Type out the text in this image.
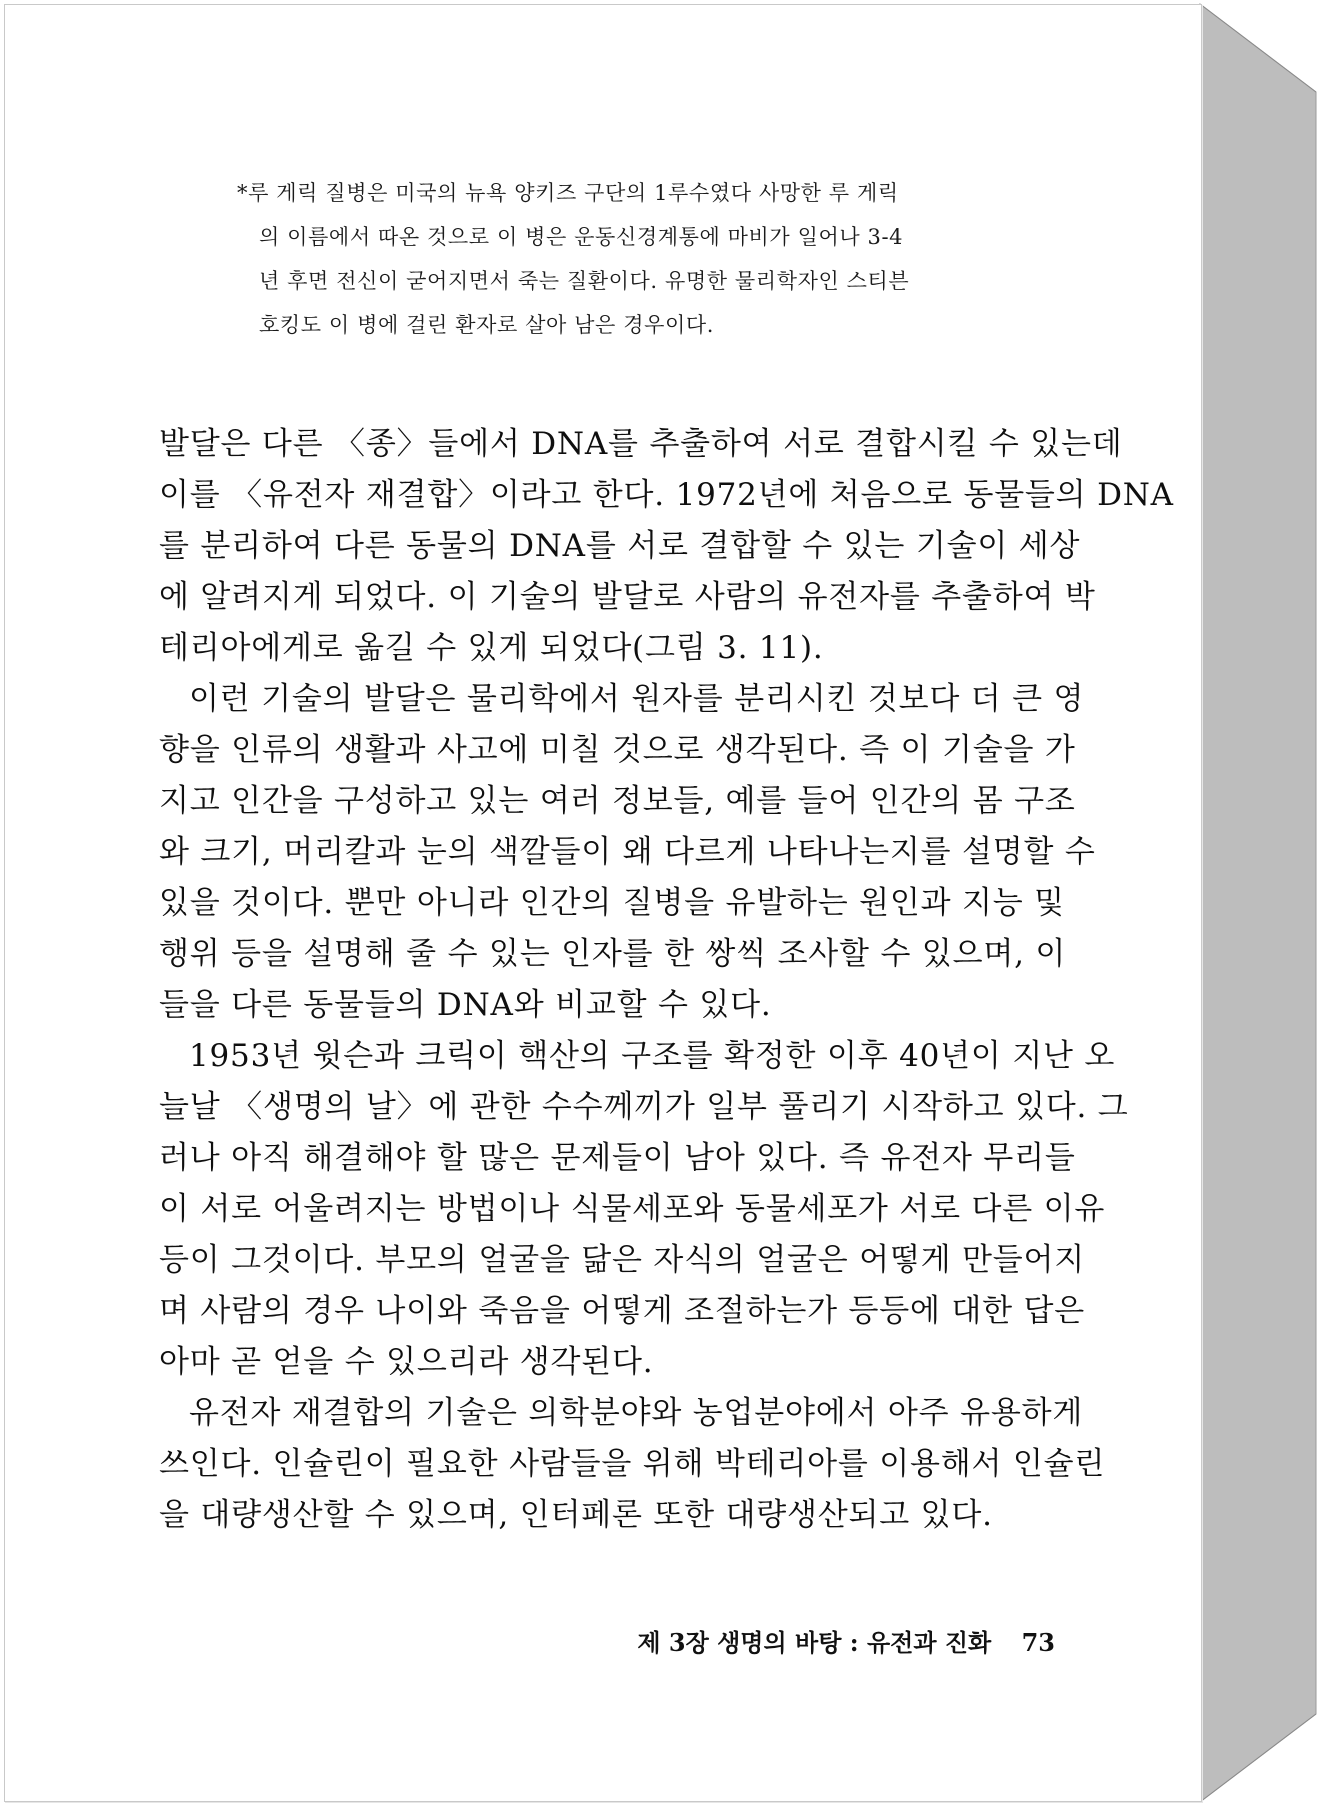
*루 게릭 질병은 미국의 뉴욕 양키즈 구단의 1루수였다 사망한 루 게릭
의 이름에서 따온 것으로 이 병은 운동신경계통에 마비가 일어나 3-4
년 후면 전신이 굳어지면서 죽는 질환이다. 유명한 물리학자인 스티븐
호킹도 이 병에 걸린 환자로 살아 남은 경우이다.
발달은 다른 〈종〉들에서 DNA를 추출하여 서로 결합시킬 수 있는데
이를 〈유전자 재결합〉이라고 한다. 1972년에 처음으로 동물들의 DNA
를 분리하여 다른 동물의 DNA를 서로 결합할 수 있는 기술이 세상
에 알려지게 되었다. 이 기술의 발달로 사람의 유전자를 추출하여 박
테리아에게로 옮길 수 있게 되었다(그림 3. 11).
이런 기술의 발달은 물리학에서 원자를 분리시킨 것보다 더 큰 영
향을 인류의 생활과 사고에 미칠 것으로 생각된다. 즉 이 기술을 가
지고 인간을 구성하고 있는 여러 정보들, 예를 들어 인간의 몸 구조
와 크기, 머리칼과 눈의 색깔들이 왜 다르게 나타나는지를 설명할 수
있을 것이다. 뿐만 아니라 인간의 질병을 유발하는 원인과 지능 및
행위 등을 설명해 줄 수 있는 인자를 한 쌍씩 조사할 수 있으며, 이
들을 다른 동물들의 DNA와 비교할 수 있다.
1953년 윗슨과 크릭이 핵산의 구조를 확정한 이후 40년이 지난 오
늘날 〈생명의 날〉에 관한 수수께끼가 일부 풀리기 시작하고 있다. 그
러나 아직 해결해야 할 많은 문제들이 남아 있다. 즉 유전자 무리들
이 서로 어울려지는 방법이나 식물세포와 동물세포가 서로 다른 이유
등이 그것이다. 부모의 얼굴을 닮은 자식의 얼굴은 어떻게 만들어지
며 사람의 경우 나이와 죽음을 어떻게 조절하는가 등등에 대한 답은
아마 곧 얻을 수 있으리라 생각된다.
유전자 재결합의 기술은 의학분야와 농업분야에서 아주 유용하게
쓰인다. 인슐린이 필요한 사람들을 위해 박테리아를 이용해서 인슐린
을 대량생산할 수 있으며, 인터페론 또한 대량생산되고 있다.
제 3장 생명의 바탕 : 유전과 진화 73
